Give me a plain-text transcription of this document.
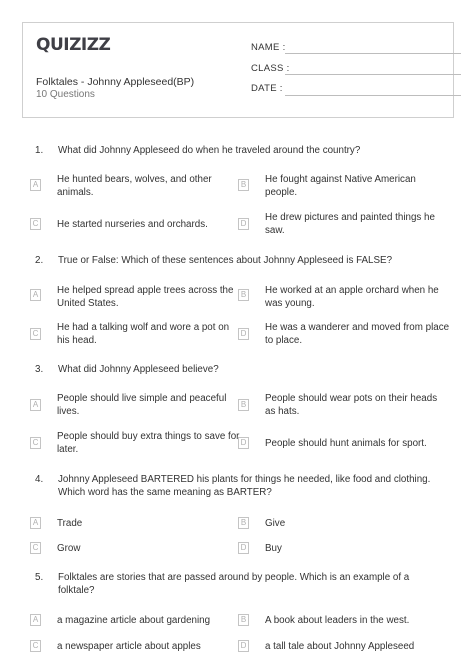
QUIZIZZ
Folktales - Johnny Appleseed(BP)
10 Questions
NAME :
CLASS :
DATE :
1.	What did Johnny Appleseed do when he traveled around the country?
A He hunted bears, wolves, and other animals.
B He fought against Native American people.
C He started nurseries and orchards.	D
He drew pictures and painted things he saw.
2.	True or False: Which of these sentences about Johnny Appleseed is FALSE?
A He helped spread apple trees across the United States.
B He worked at an apple orchard when he was young.
C
He had a talking wolf and wore a pot on his head.
D
He was a wanderer and moved from place to place.
3.	What did Johnny Appleseed believe?
A
People should live simple and peaceful lives.
B
People should wear pots on their heads as hats.
C
People should buy extra things to save for later.
D People should hunt animals for sport.
4.	Johnny Appleseed BARTERED his plants for things he needed, like food and clothing. Which word has the same meaning as BARTER?
A Trade	B Give
C Grow	D Buy
5.	Folktales are stories that are passed around by people. Which is an example of a folktale?
A a magazine article about gardening	B A book about leaders in the west.
C a newspaper article about apples	D a tall tale about Johnny Appleseed
